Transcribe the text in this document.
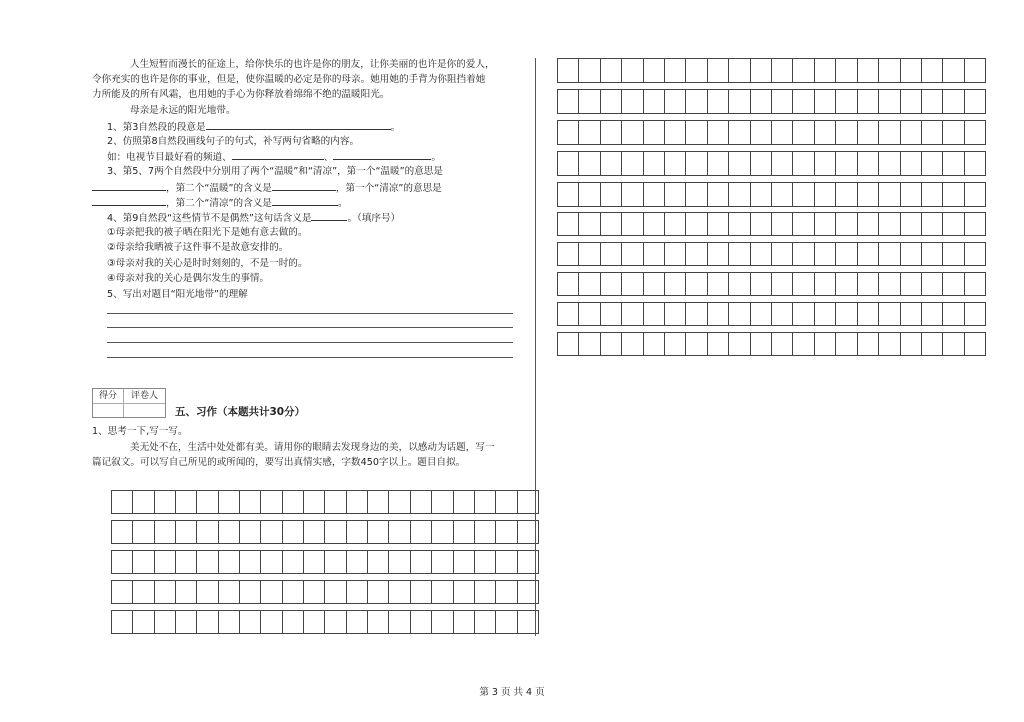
人生短暂而漫长的征途上，给你快乐的也许是你的朋友，让你美丽的也许是你的爱人，
令你充实的也许是你的事业，但是，使你温暖的必定是你的母亲。她用她的手背为你阻挡着她
力所能及的所有风霜，也用她的手心为你释放着绵绵不绝的温暖阳光。
母亲是永远的阳光地带。
1、第3自然段的段意是	。
2、仿照第8自然段画线句子的句式，补写两句省略的内容。
如：电视节目最好看的频道、	、	。
3、第5、7两个自然段中分别用了两个“温暖”和“清凉”，第一个“温暖”的意思是
，第二个“温暖”的含义是	，第一个“清凉”的意思是
，第二个“清凉”的含义是	。
4、第9自然段“这些情节不是偶然”这句话含义是	。（填序号）
①母亲把我的被子晒在阳光下是她有意去做的。
②母亲给我晒被子这件事不是故意安排的。
③母亲对我的关心是时时刻刻的，不是一时的。
④母亲对我的关心是偶尔发生的事情。
5、写出对题目“阳光地带”的理解
得分	评卷人
五、习作（本题共计30分）
1、思考一下,写一写。
美无处不在，生活中处处都有美。请用你的眼睛去发现身边的美，以感动为话题，写一
篇记叙文。可以写自己所见的或所闻的，要写出真情实感，字数450字以上。题目自拟。
第 3 页 共 4 页
